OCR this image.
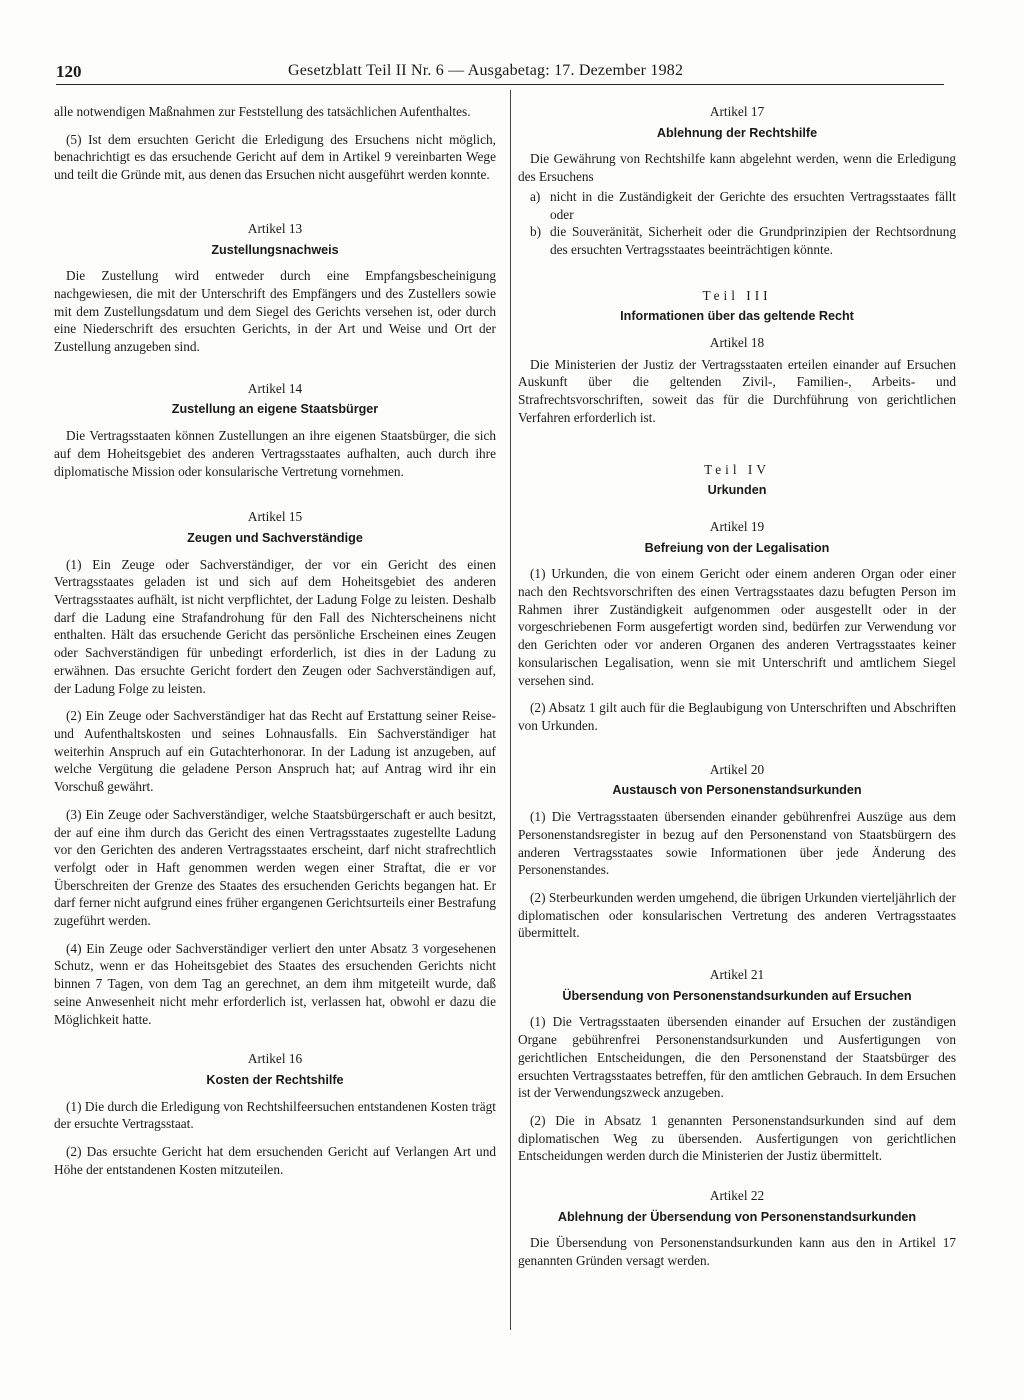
120	Gesetzblatt Teil II Nr. 6 — Ausgabetag: 17. Dezember 1982

alle notwendigen Maßnahmen zur Feststellung des tatsächlichen Aufenthaltes.

(5) Ist dem ersuchten Gericht die Erledigung des Ersuchens nicht möglich, benachrichtigt es das ersuchende Gericht auf dem in Artikel 9 vereinbarten Wege und teilt die Gründe mit, aus denen das Ersuchen nicht ausgeführt werden konnte.

Artikel 13
Zustellungsnachweis

Die Zustellung wird entweder durch eine Empfangsbescheinigung nachgewiesen, die mit der Unterschrift des Empfängers und des Zustellers sowie mit dem Zustellungsdatum und dem Siegel des Gerichts versehen ist, oder durch eine Niederschrift des ersuchten Gerichts, in der Art und Weise und Ort der Zustellung anzugeben sind.

Artikel 14
Zustellung an eigene Staatsbürger

Die Vertragsstaaten können Zustellungen an ihre eigenen Staatsbürger, die sich auf dem Hoheitsgebiet des anderen Vertragsstaates aufhalten, auch durch ihre diplomatische Mission oder konsularische Vertretung vornehmen.

Artikel 15
Zeugen und Sachverständige

(1) Ein Zeuge oder Sachverständiger, der vor ein Gericht des einen Vertragsstaates geladen ist und sich auf dem Hoheitsgebiet des anderen Vertragsstaates aufhält, ist nicht verpflichtet, der Ladung Folge zu leisten. Deshalb darf die Ladung eine Strafandrohung für den Fall des Nichterscheinens nicht enthalten. Hält das ersuchende Gericht das persönliche Erscheinen eines Zeugen oder Sachverständigen für unbedingt erforderlich, ist dies in der Ladung zu erwähnen. Das ersuchte Gericht fordert den Zeugen oder Sachverständigen auf, der Ladung Folge zu leisten.

(2) Ein Zeuge oder Sachverständiger hat das Recht auf Erstattung seiner Reise- und Aufenthaltskosten und seines Lohnausfalls. Ein Sachverständiger hat weiterhin Anspruch auf ein Gutachterhonorar. In der Ladung ist anzugeben, auf welche Vergütung die geladene Person Anspruch hat; auf Antrag wird ihr ein Vorschuß gewährt.

(3) Ein Zeuge oder Sachverständiger, welche Staatsbürgerschaft er auch besitzt, der auf eine ihm durch das Gericht des einen Vertragsstaates zugestellte Ladung vor den Gerichten des anderen Vertragsstaates erscheint, darf nicht strafrechtlich verfolgt oder in Haft genommen werden wegen einer Straftat, die er vor Überschreiten der Grenze des Staates des ersuchenden Gerichts begangen hat. Er darf ferner nicht aufgrund eines früher ergangenen Gerichtsurteils einer Bestrafung zugeführt werden.

(4) Ein Zeuge oder Sachverständiger verliert den unter Absatz 3 vorgesehenen Schutz, wenn er das Hoheitsgebiet des Staates des ersuchenden Gerichts nicht binnen 7 Tagen, von dem Tag an gerechnet, an dem ihm mitgeteilt wurde, daß seine Anwesenheit nicht mehr erforderlich ist, verlassen hat, obwohl er dazu die Möglichkeit hatte.

Artikel 16
Kosten der Rechtshilfe

(1) Die durch die Erledigung von Rechtshilfeersuchen entstandenen Kosten trägt der ersuchte Vertragsstaat.

(2) Das ersuchte Gericht hat dem ersuchenden Gericht auf Verlangen Art und Höhe der entstandenen Kosten mitzuteilen.

Artikel 17
Ablehnung der Rechtshilfe

Die Gewährung von Rechtshilfe kann abgelehnt werden, wenn die Erledigung des Ersuchens

a) nicht in die Zuständigkeit der Gerichte des ersuchten Vertragsstaates fällt oder
b) die Souveränität, Sicherheit oder die Grundprinzipien der Rechtsordnung des ersuchten Vertragsstaates beeinträchtigen könnte.
Teil III
Informationen über das geltende Recht
Artikel 18

Die Ministerien der Justiz der Vertragsstaaten erteilen einander auf Ersuchen Auskunft über die geltenden Zivil-, Familien-, Arbeits- und Strafrechtsvorschriften, soweit das für die Durchführung von gerichtlichen Verfahren erforderlich ist.

Teil IV
Urkunden
Artikel 19
Befreiung von der Legalisation

(1) Urkunden, die von einem Gericht oder einem anderen Organ oder einer nach den Rechtsvorschriften des einen Vertragsstaates dazu befugten Person im Rahmen ihrer Zuständigkeit aufgenommen oder ausgestellt oder in der vorgeschriebenen Form ausgefertigt worden sind, bedürfen zur Verwendung vor den Gerichten oder vor anderen Organen des anderen Vertragsstaates keiner konsularischen Legalisation, wenn sie mit Unterschrift und amtlichem Siegel versehen sind.

(2) Absatz 1 gilt auch für die Beglaubigung von Unterschriften und Abschriften von Urkunden.

Artikel 20
Austausch von Personenstandsurkunden

(1) Die Vertragsstaaten übersenden einander gebührenfrei Auszüge aus dem Personenstandsregister in bezug auf den Personenstand von Staatsbürgern des anderen Vertragsstaates sowie Informationen über jede Änderung des Personenstandes.

(2) Sterbeurkunden werden umgehend, die übrigen Urkunden vierteljährlich der diplomatischen oder konsularischen Vertretung des anderen Vertragsstaates übermittelt.

Artikel 21
Übersendung von Personenstandsurkunden auf Ersuchen

(1) Die Vertragsstaaten übersenden einander auf Ersuchen der zuständigen Organe gebührenfrei Personenstandsurkunden und Ausfertigungen von gerichtlichen Entscheidungen, die den Personenstand der Staatsbürger des ersuchten Vertragsstaates betreffen, für den amtlichen Gebrauch. In dem Ersuchen ist der Verwendungszweck anzugeben.

(2) Die in Absatz 1 genannten Personenstandsurkunden sind auf dem diplomatischen Weg zu übersenden. Ausfertigungen von gerichtlichen Entscheidungen werden durch die Ministerien der Justiz übermittelt.

Artikel 22
Ablehnung der Übersendung von Personenstandsurkunden

Die Übersendung von Personenstandsurkunden kann aus den in Artikel 17 genannten Gründen versagt werden.
